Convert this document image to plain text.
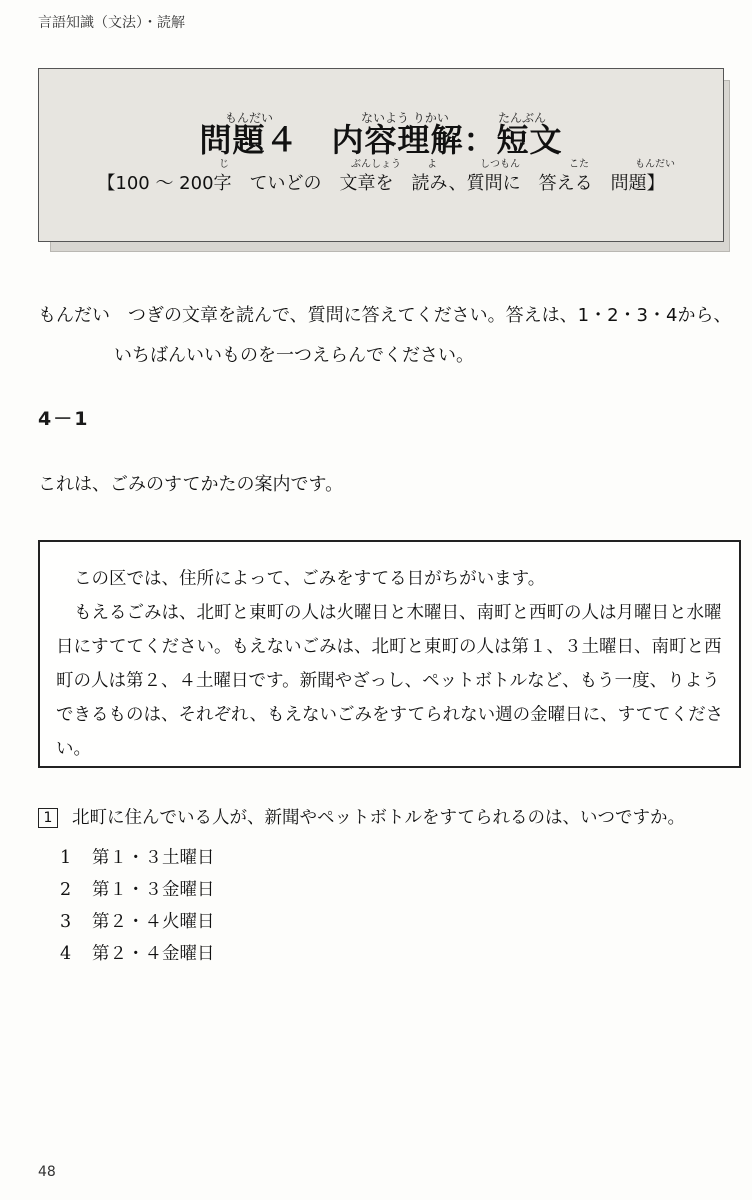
言語知識（文法）・読解
もんだい	ないよう りかい	たんぶん
問題４　内容理解：短文
じ	ぶんしょう	よ	しつもん	こた	もんだい
【100 ～ 200字　ていどの　文章を　読み、質問に　答える　問題】
もんだい　つぎの文章を読んで、質問に答えてください。答えは、1・2・3・4から、
いちばんいいものを一つえらんでください。
4－1
これは、ごみのすてかたの案内です。

この区では、住所によって、ごみをすてる日がちがいます。

もえるごみは、北町と東町の人は火曜日と木曜日、南町と西町の人は月曜日と水曜日にすててください。もえないごみは、北町と東町の人は第１、３土曜日、南町と西町の人は第２、４土曜日です。新聞やざっし、ペットボトルなど、もう一度、りようできるものは、それぞれ、もえないごみをすてられない週の金曜日に、すててください。

1 北町に住んでいる人が、新聞やペットボトルをすてられるのは、いつですか。
1 第１・３土曜日
2 第１・３金曜日
3 第２・４火曜日
4 第２・４金曜日
48
